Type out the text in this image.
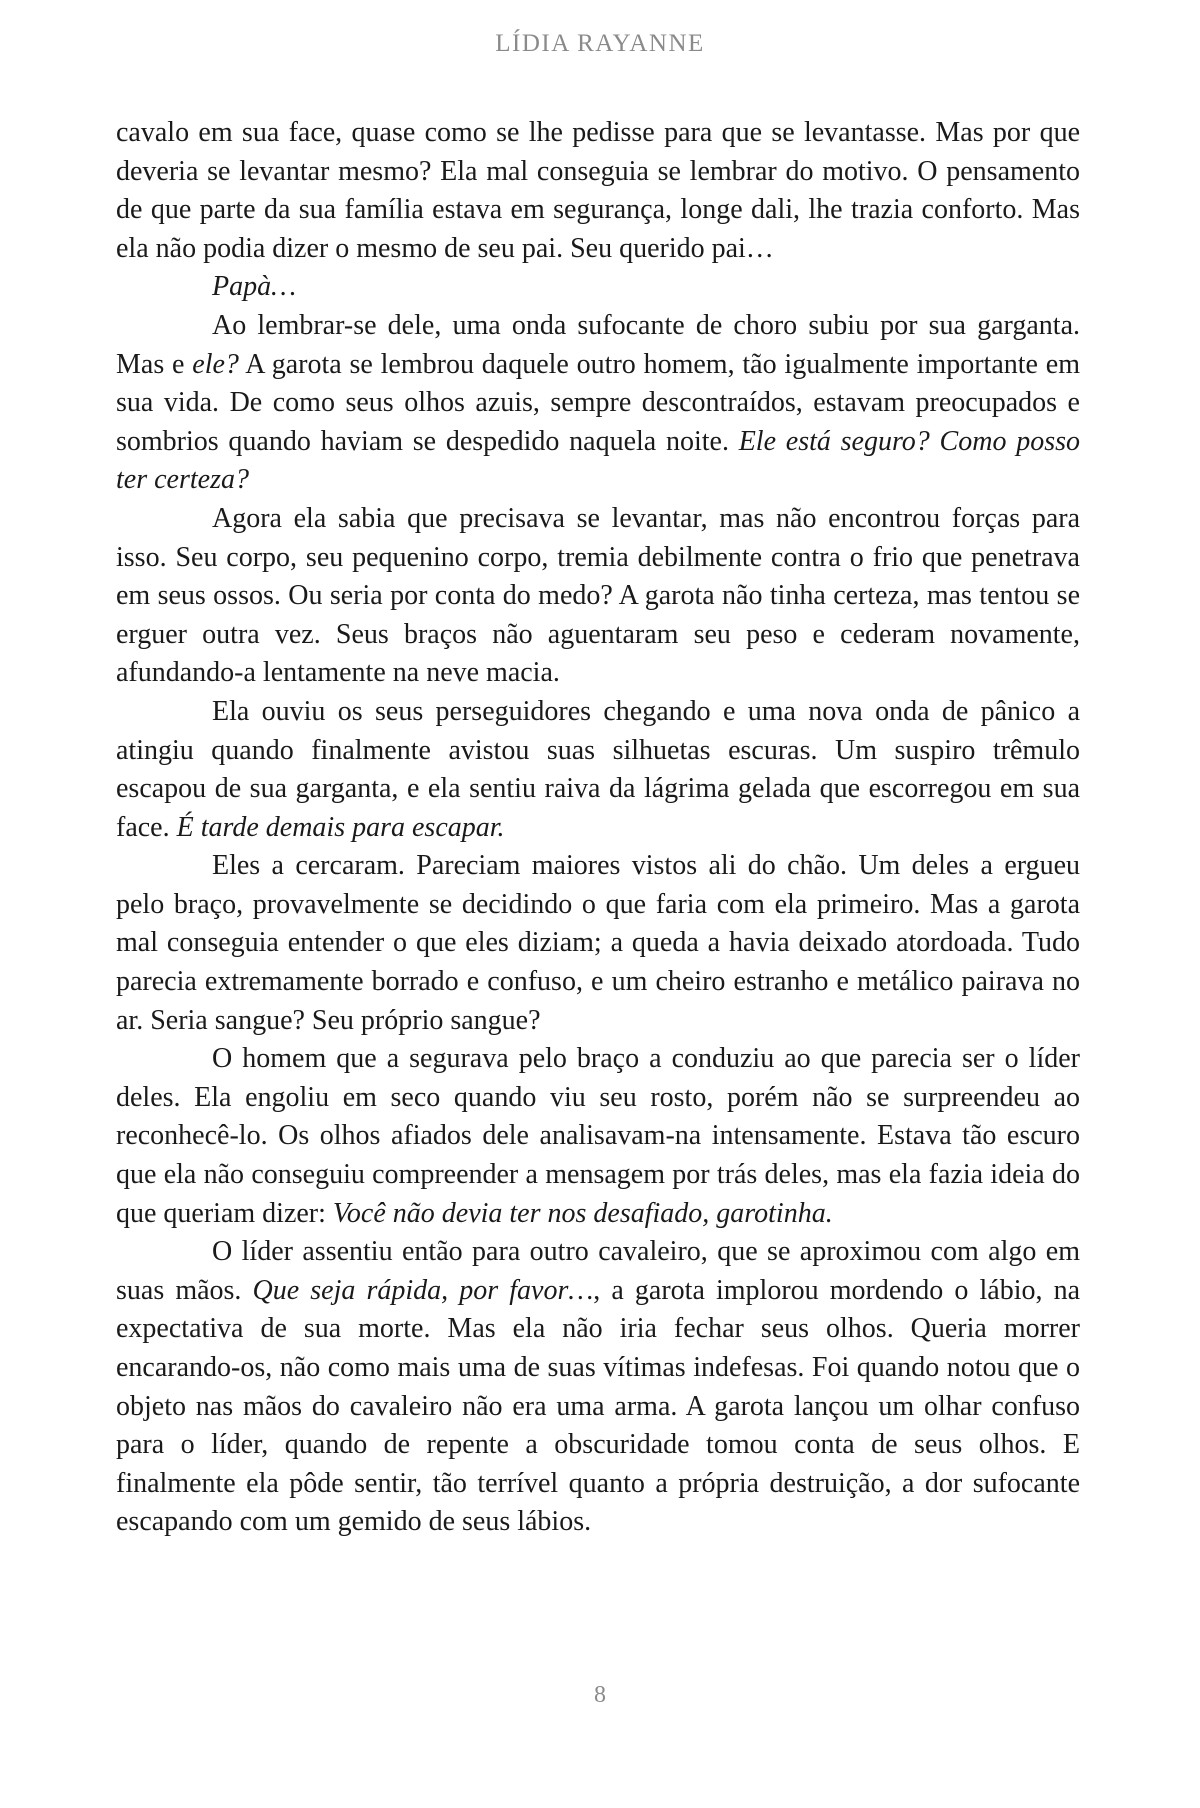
LÍDIA RAYANNE

cavalo em sua face, quase como se lhe pedisse para que se levantasse. Mas por que deveria se levantar mesmo? Ela mal conseguia se lembrar do motivo. O pensamento de que parte da sua família estava em segurança, longe dali, lhe trazia conforto. Mas ela não podia dizer o mesmo de seu pai. Seu querido pai…

Papà…

Ao lembrar-se dele, uma onda sufocante de choro subiu por sua garganta. Mas e ele? A garota se lembrou daquele outro homem, tão igualmente importante em sua vida. De como seus olhos azuis, sempre descontraídos, estavam preocupados e sombrios quando haviam se despedido naquela noite. Ele está seguro? Como posso ter certeza?

Agora ela sabia que precisava se levantar, mas não encontrou forças para isso. Seu corpo, seu pequenino corpo, tremia debilmente contra o frio que penetrava em seus ossos. Ou seria por conta do medo? A garota não tinha certeza, mas tentou se erguer outra vez. Seus braços não aguentaram seu peso e cederam novamente, afundando-a lentamente na neve macia.

Ela ouviu os seus perseguidores chegando e uma nova onda de pânico a atingiu quando finalmente avistou suas silhuetas escuras. Um suspiro trêmulo escapou de sua garganta, e ela sentiu raiva da lágrima gelada que escorregou em sua face. É tarde demais para escapar.

Eles a cercaram. Pareciam maiores vistos ali do chão. Um deles a ergueu pelo braço, provavelmente se decidindo o que faria com ela primeiro. Mas a garota mal conseguia entender o que eles diziam; a queda a havia deixado atordoada. Tudo parecia extremamente borrado e confuso, e um cheiro estranho e metálico pairava no ar. Seria sangue? Seu próprio sangue?

O homem que a segurava pelo braço a conduziu ao que parecia ser o líder deles. Ela engoliu em seco quando viu seu rosto, porém não se surpreendeu ao reconhecê-lo. Os olhos afiados dele analisavam-na intensamente. Estava tão escuro que ela não conseguiu compreender a mensagem por trás deles, mas ela fazia ideia do que queriam dizer: Você não devia ter nos desafiado, garotinha.

O líder assentiu então para outro cavaleiro, que se aproximou com algo em suas mãos. Que seja rápida, por favor…, a garota implorou mordendo o lábio, na expectativa de sua morte. Mas ela não iria fechar seus olhos. Queria morrer encarando-os, não como mais uma de suas vítimas indefesas. Foi quando notou que o objeto nas mãos do cavaleiro não era uma arma. A garota lançou um olhar confuso para o líder, quando de repente a obscuridade tomou conta de seus olhos. E finalmente ela pôde sentir, tão terrível quanto a própria destruição, a dor sufocante escapando com um gemido de seus lábios.

8
